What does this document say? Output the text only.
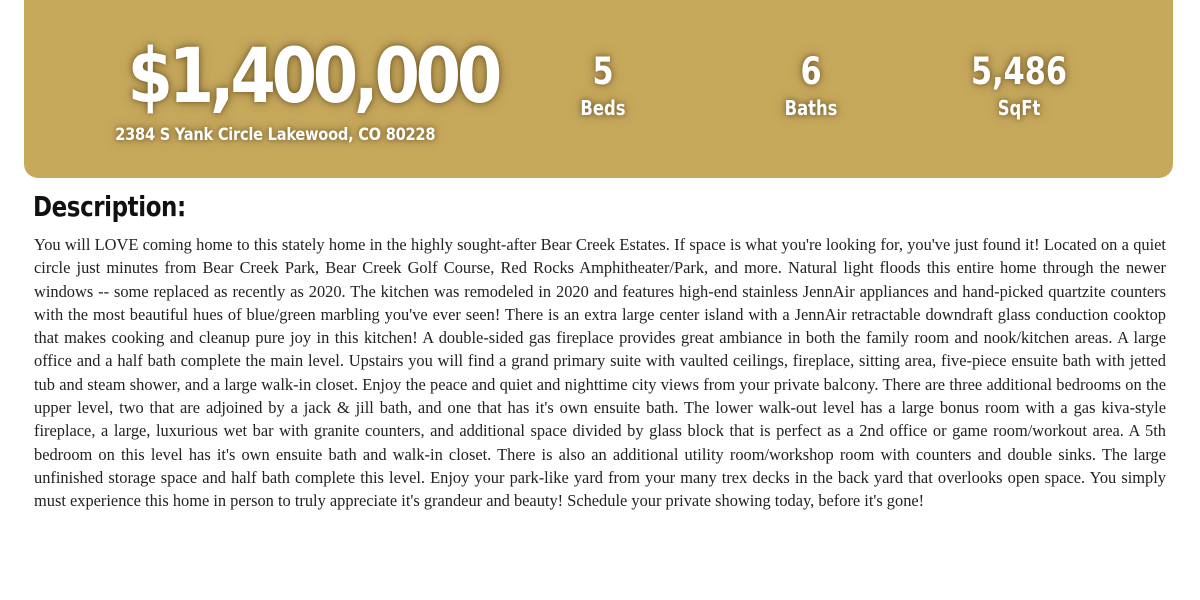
$1,400,000
2384 S Yank Circle Lakewood, CO 80228
5
Beds
6
Baths
5,486
SqFt
Description:

You will LOVE coming home to this stately home in the highly sought-after Bear Creek Estates. If space is what you're looking for, you've just found it! Located on a quiet circle just minutes from Bear Creek Park, Bear Creek Golf Course, Red Rocks Amphitheater/Park, and more. Natural light floods this entire home through the newer windows -- some replaced as recently as 2020. The kitchen was remodeled in 2020 and features high-end stainless JennAir appliances and hand-picked quartzite counters with the most beautiful hues of blue/green marbling you've ever seen! There is an extra large center island with a JennAir retractable downdraft glass conduction cooktop that makes cooking and cleanup pure joy in this kitchen! A double-sided gas fireplace provides great ambiance in both the family room and nook/kitchen areas. A large office and a half bath complete the main level. Upstairs you will find a grand primary suite with vaulted ceilings, fireplace, sitting area, five-piece ensuite bath with jetted tub and steam shower, and a large walk-in closet. Enjoy the peace and quiet and nighttime city views from your private balcony. There are three additional bedrooms on the upper level, two that are adjoined by a jack & jill bath, and one that has it's own ensuite bath. The lower walk-out level has a large bonus room with a gas kiva-style fireplace, a large, luxurious wet bar with granite counters, and additional space divided by glass block that is perfect as a 2nd office or game room/workout area. A 5th bedroom on this level has it's own ensuite bath and walk-in closet. There is also an additional utility room/workshop room with counters and double sinks. The large unfinished storage space and half bath complete this level. Enjoy your park-like yard from your many trex decks in the back yard that overlooks open space. You simply must experience this home in person to truly appreciate it's grandeur and beauty! Schedule your private showing today, before it's gone!
